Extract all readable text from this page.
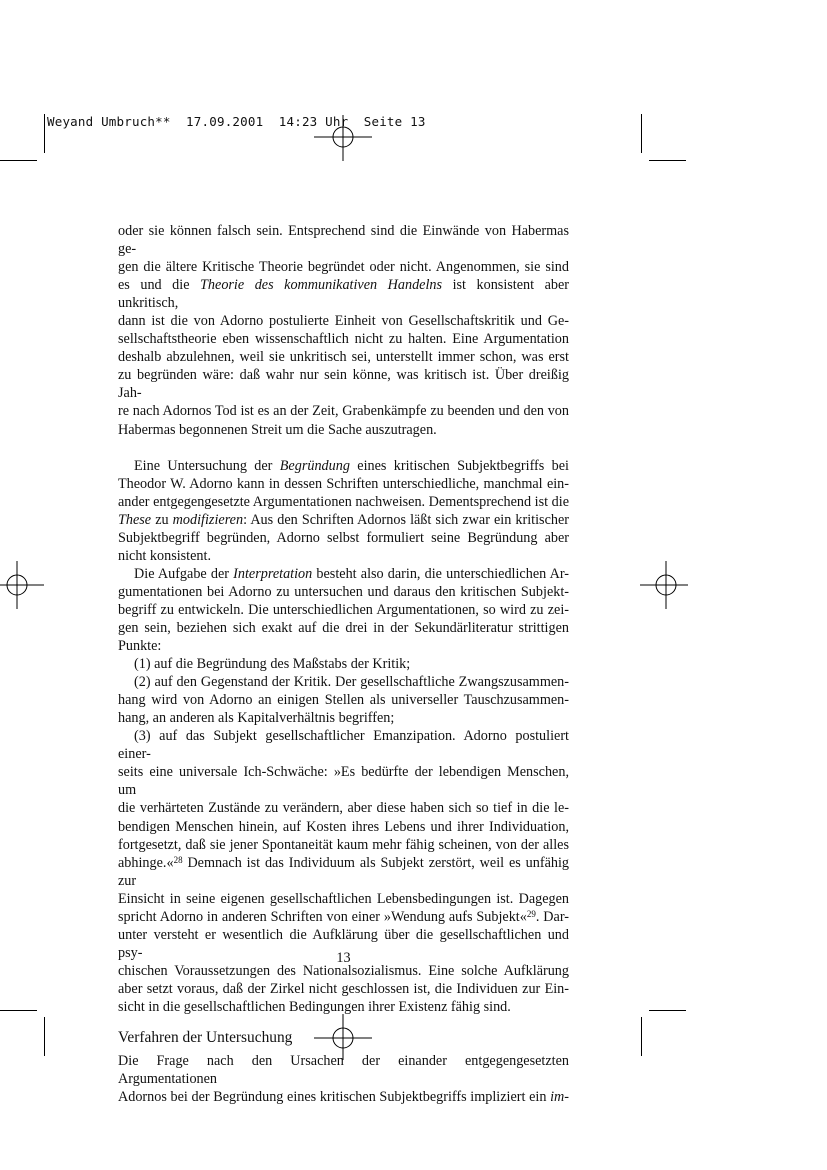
Weyand Umbruch**  17.09.2001  14:23 Uhr  Seite 13
oder sie können falsch sein. Entsprechend sind die Einwände von Habermas ge-
gen die ältere Kritische Theorie begründet oder nicht. Angenommen, sie sind
es und die Theorie des kommunikativen Handelns ist konsistent aber unkritisch,
dann ist die von Adorno postulierte Einheit von Gesellschaftskritik und Ge-
sellschaftstheorie eben wissenschaftlich nicht zu halten. Eine Argumentation
deshalb abzulehnen, weil sie unkritisch sei, unterstellt immer schon, was erst
zu begründen wäre: daß wahr nur sein könne, was kritisch ist. Über dreißig Jah-
re nach Adornos Tod ist es an der Zeit, Grabenkämpfe zu beenden und den von
Habermas begonnenen Streit um die Sache auszutragen.
Eine Untersuchung der Begründung eines kritischen Subjektbegriffs bei
Theodor W. Adorno kann in dessen Schriften unterschiedliche, manchmal ein-
ander entgegengesetzte Argumentationen nachweisen. Dementsprechend ist die
These zu modifizieren: Aus den Schriften Adornos läßt sich zwar ein kritischer
Subjektbegriff begründen, Adorno selbst formuliert seine Begründung aber
nicht konsistent.
Die Aufgabe der Interpretation besteht also darin, die unterschiedlichen Ar-
gumentationen bei Adorno zu untersuchen und daraus den kritischen Subjekt-
begriff zu entwickeln. Die unterschiedlichen Argumentationen, so wird zu zei-
gen sein, beziehen sich exakt auf die drei in der Sekundärliteratur strittigen
Punkte:
(1) auf die Begründung des Maßstabs der Kritik;
(2) auf den Gegenstand der Kritik. Der gesellschaftliche Zwangszusammen-
hang wird von Adorno an einigen Stellen als universeller Tauschzusammen-
hang, an anderen als Kapitalverhältnis begriffen;
(3) auf das Subjekt gesellschaftlicher Emanzipation. Adorno postuliert einer-
seits eine universale Ich-Schwäche: »Es bedürfte der lebendigen Menschen, um
die verhärteten Zustände zu verändern, aber diese haben sich so tief in die le-
bendigen Menschen hinein, auf Kosten ihres Lebens und ihrer Individuation,
fortgesetzt, daß sie jener Spontaneität kaum mehr fähig scheinen, von der alles
abhinge.«$^{28}$ Demnach ist das Individuum als Subjekt zerstört, weil es unfähig zur
Einsicht in seine eigenen gesellschaftlichen Lebensbedingungen ist. Dagegen
spricht Adorno in anderen Schriften von einer »Wendung aufs Subjekt«$^{29}$. Dar-
unter versteht er wesentlich die Aufklärung über die gesellschaftlichen und psy-
chischen Voraussetzungen des Nationalsozialismus. Eine solche Aufklärung
aber setzt voraus, daß der Zirkel nicht geschlossen ist, die Individuen zur Ein-
sicht in die gesellschaftlichen Bedingungen ihrer Existenz fähig sind.
Verfahren der Untersuchung
Die Frage nach den Ursachen der einander entgegengesetzten Argumentationen
Adornos bei der Begründung eines kritischen Subjektbegriffs impliziert ein im-
13
